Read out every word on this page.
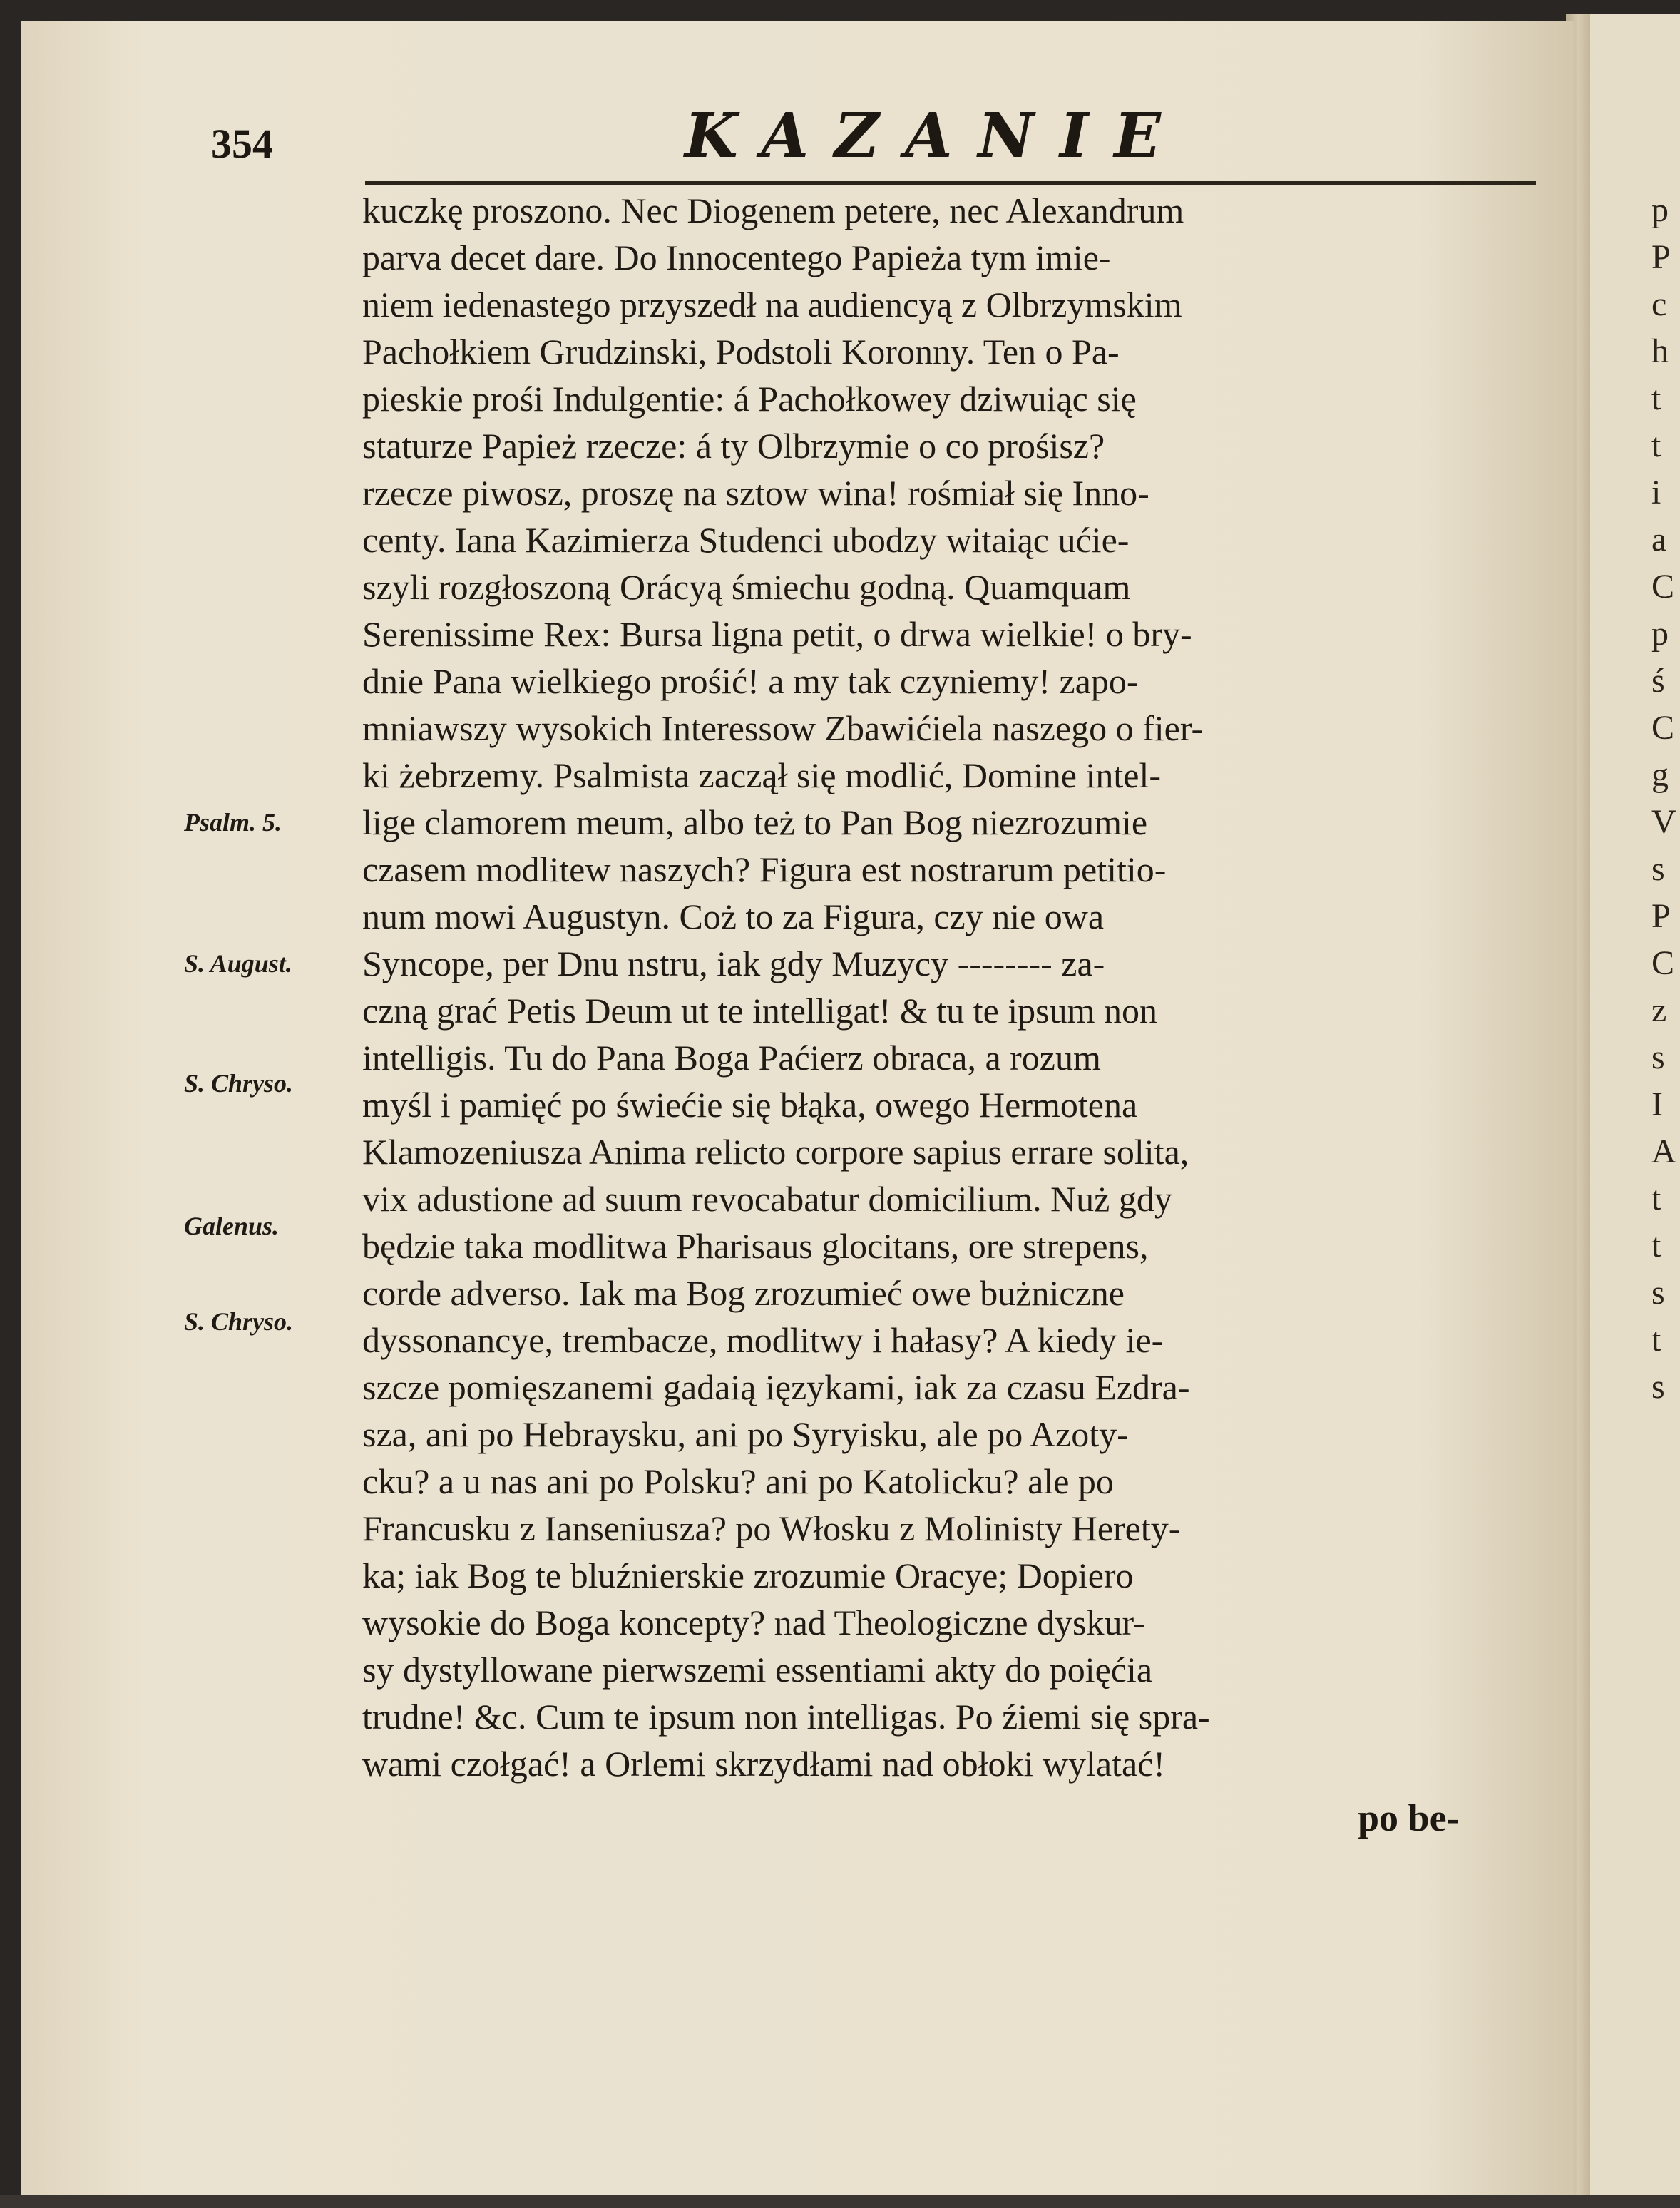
354	KAZANIE
kuczkę proszono. Nec Diogenem petere, nec Alexandrum
parva decet dare. Do Innocentego Papieża tym imie-
niem iedenastego przyszedł na audiencyą z Olbrzymskim
Pachołkiem Grudzinski, Podstoli Koronny. Ten o Pa-
pieskie prośi Indulgentie: á Pachołkowey dziwuiąc się
staturze Papież rzecze: á ty Olbrzymie o co prośisz?
rzecze piwosz, proszę na sztow wina! rośmiał się Inno-
centy. Iana Kazimierza Studenci ubodzy witaiąc ućie-
szyli rozgłoszoną Orácyą śmiechu godną. Quamquam
Serenissime Rex: Bursa ligna petit, o drwa wielkie! o bry-
dnie Pana wielkiego prośić! a my tak czyniemy! zapo-
mniawszy wysokich Interessow Zbawićiela naszego o fier-
ki żebrzemy. Psalmista zaczął się modlić, Domine intel-
lige clamorem meum, albo też to Pan Bog niezrozumie
czasem modlitew naszych? Figura est nostrarum petitio-
num mowi Augustyn. Coż to za Figura, czy nie owa
Syncope, per Dnu nstru, iak gdy Muzycy -------- za-
czną grać Petis Deum ut te intelligat! & tu te ipsum non
intelligis. Tu do Pana Boga Paćierz obraca, a rozum
myśl i pamięć po świećie się błąka, owego Hermotena
Klamozeniusza Anima relicto corpore sapius errare solita,
vix adustione ad suum revocabatur domicilium. Nuż gdy
będzie taka modlitwa Pharisaus glocitans, ore strepens,
corde adverso. Iak ma Bog zrozumieć owe bużniczne
dyssonancye, trembacze, modlitwy i hałasy? A kiedy ie-
szcze pomięszanemi gadaią ięzykami, iak za czasu Ezdra-
sza, ani po Hebraysku, ani po Syryisku, ale po Azoty-
cku? a u nas ani po Polsku? ani po Katolicku? ale po
Francusku z Ianseniusza? po Włosku z Molinisty Herety-
ka; iak Bog te bluźnierskie zrozumie Oracye; Dopiero
wysokie do Boga koncepty? nad Theologiczne dyskur-
sy dystyllowane pierwszemi essentiami akty do poięćia
trudne! &c. Cum te ipsum non intelligas. Po źiemi się spra-
wami czołgać! a Orlemi skrzydłami nad obłoki wylatać!
po be-
Psalm. 5.
S. August.
S. Chryso.
Galenus.
S. Chryso.
p
P
c
h
t
t
i
a
C
p
ś
C
g
V
s
P
C
z
s
I
A
t
t
s
t
s
